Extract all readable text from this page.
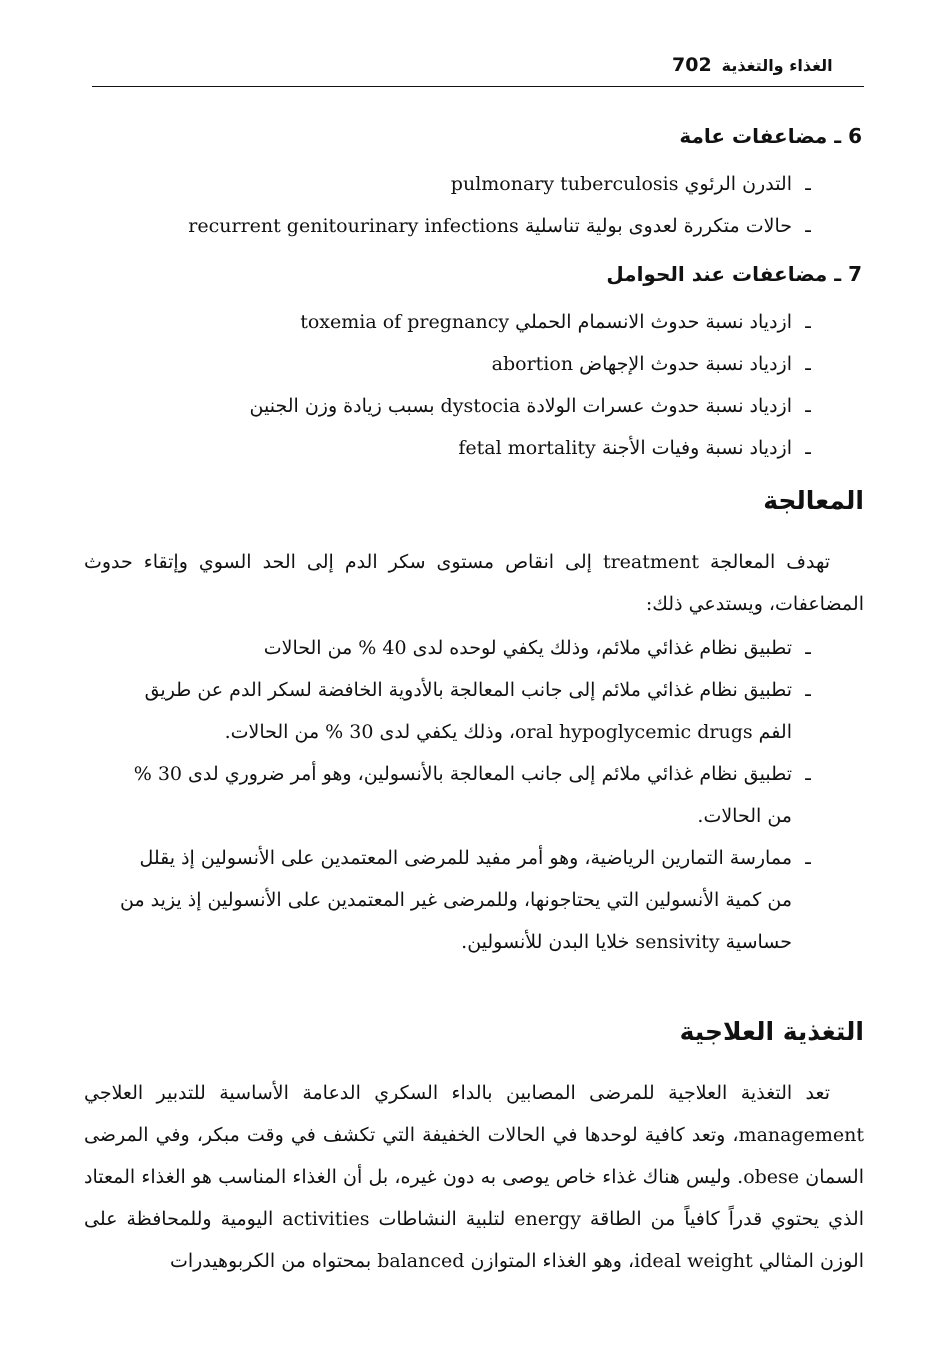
702 الغذاء والتغذية
6 ـ مضاعفات عامة
ـ
التدرن الرئوي pulmonary tuberculosis
ـ
حالات متكررة لعدوى بولية تناسلية recurrent genitourinary infections
7 ـ مضاعفات عند الحوامل
ـ
ازدياد نسبة حدوث الانسمام الحملي toxemia of pregnancy
ـ
ازدياد نسبة حدوث الإجهاض abortion
ـ
ازدياد نسبة حدوث عسرات الولادة dystocia بسبب زيادة وزن الجنين
ـ
ازدياد نسبة وفيات الأجنة fetal mortality
المعالجة

تهدف المعالجة treatment إلى انقاص مستوى سكر الدم إلى الحد السوي وإتقاء حدوث المضاعفات، ويستدعي ذلك:

ـ
تطبيق نظام غذائي ملائم، وذلك يكفي لوحده لدى 40 % من الحالات
ـ
تطبيق نظام غذائي ملائم إلى جانب المعالجة بالأدوية الخافضة لسكر الدم عن طريق الفم oral hypoglycemic drugs، وذلك يكفي لدى 30 % من الحالات.
ـ
تطبيق نظام غذائي ملائم إلى جانب المعالجة بالأنسولين، وهو أمر ضروري لدى 30 % من الحالات.
ـ
ممارسة التمارين الرياضية، وهو أمر مفيد للمرضى المعتمدين على الأنسولين إذ يقلل من كمية الأنسولين التي يحتاجونها، وللمرضى غير المعتمدين على الأنسولين إذ يزيد من حساسية sensivity خلايا البدن للأنسولين.
التغذية العلاجية

تعد التغذية العلاجية للمرضى المصابين بالداء السكري الدعامة الأساسية للتدبير العلاجي management، وتعد كافية لوحدها في الحالات الخفيفة التي تكشف في وقت مبكر، وفي المرضى السمان obese. وليس هناك غذاء خاص يوصى به دون غيره، بل أن الغذاء المناسب هو الغذاء المعتاد الذي يحتوي قدراً كافياً من الطاقة energy لتلبية النشاطات activities اليومية وللمحافظة على الوزن المثالي ideal weight، وهو الغذاء المتوازن balanced بمحتواه من الكربوهيدرات
